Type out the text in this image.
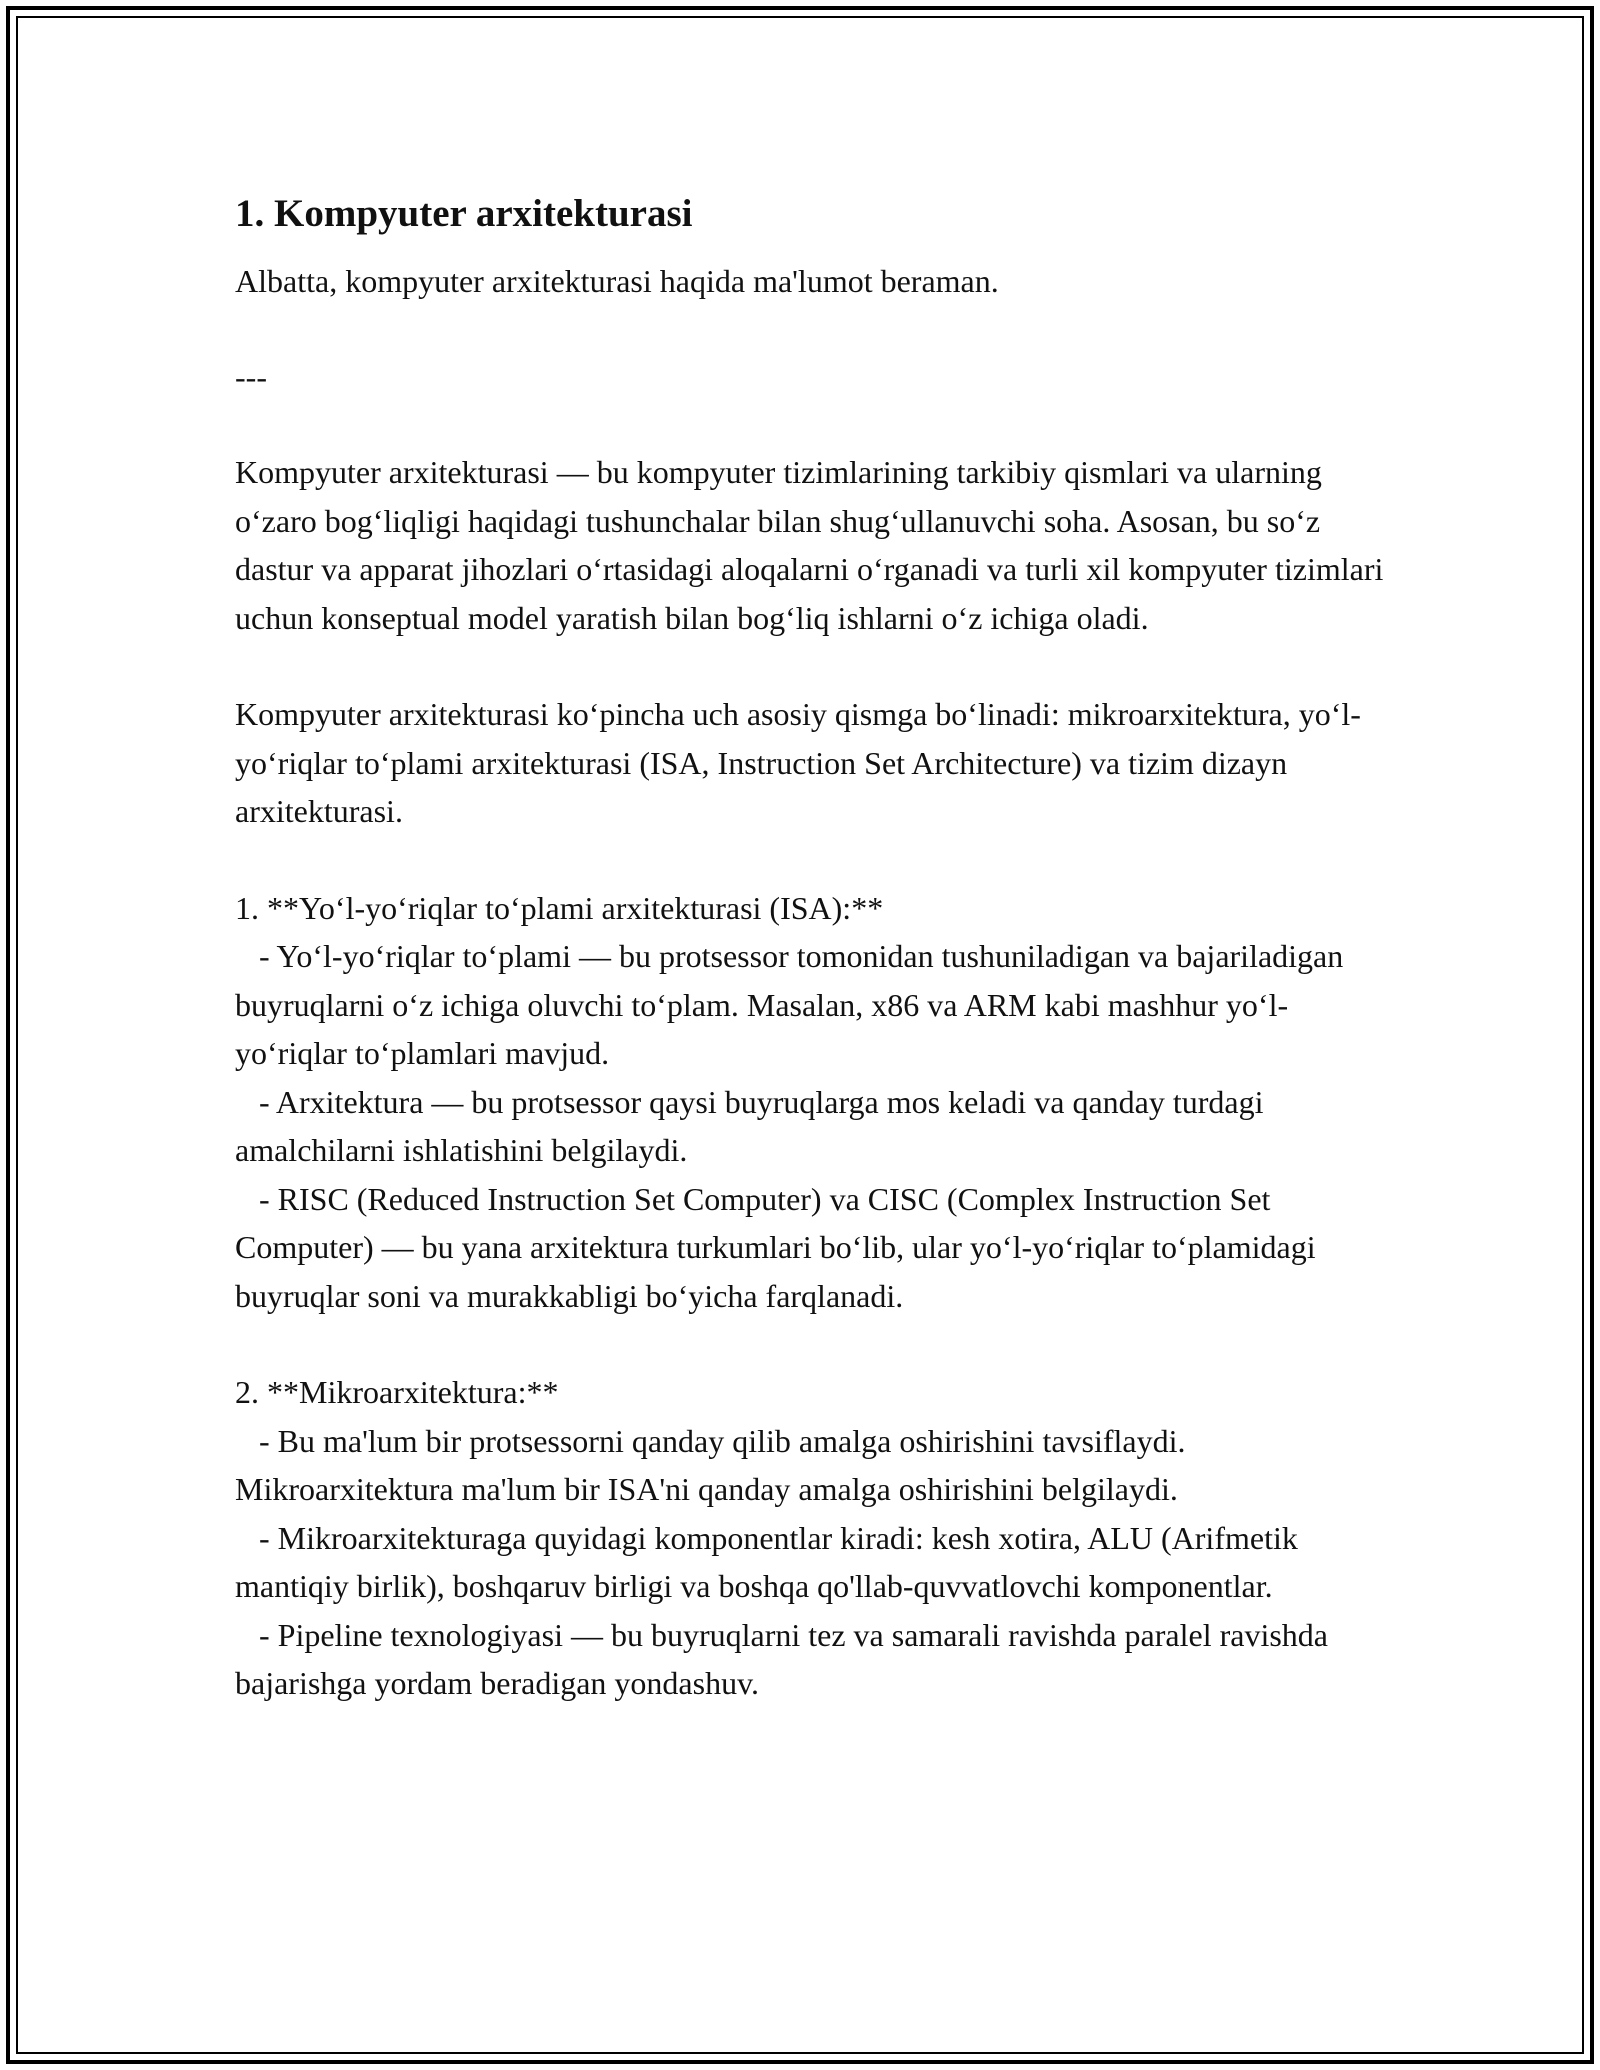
1. Kompyuter arxitekturasi

Albatta, kompyuter arxitekturasi haqida ma'lumot beraman.

---

Kompyuter arxitekturasi — bu kompyuter tizimlarining tarkibiy qismlari va ularning o‘zaro bog‘liqligi haqidagi tushunchalar bilan shug‘ullanuvchi soha. Asosan, bu so‘z dastur va apparat jihozlari o‘rtasidagi aloqalarni o‘rganadi va turli xil kompyuter tizimlari uchun konseptual model yaratish bilan bog‘liq ishlarni o‘z ichiga oladi.

Kompyuter arxitekturasi ko‘pincha uch asosiy qismga bo‘linadi: mikroarxitektura, yo‘l-yo‘riqlar to‘plami arxitekturasi (ISA, Instruction Set Architecture) va tizim dizayn arxitekturasi.

1. **Yo‘l-yo‘riqlar to‘plami arxitekturasi (ISA):**

- Yo‘l-yo‘riqlar to‘plami — bu protsessor tomonidan tushuniladigan va bajariladigan buyruqlarni o‘z ichiga oluvchi to‘plam. Masalan, x86 va ARM kabi mashhur yo‘l-yo‘riqlar to‘plamlari mavjud.

- Arxitektura — bu protsessor qaysi buyruqlarga mos keladi va qanday turdagi amalchilarni ishlatishini belgilaydi.

- RISC (Reduced Instruction Set Computer) va CISC (Complex Instruction Set Computer) — bu yana arxitektura turkumlari bo‘lib, ular yo‘l-yo‘riqlar to‘plamidagi buyruqlar soni va murakkabligi bo‘yicha farqlanadi.

2. **Mikroarxitektura:**

- Bu ma'lum bir protsessorni qanday qilib amalga oshirishini tavsiflaydi. Mikroarxitektura ma'lum bir ISA'ni qanday amalga oshirishini belgilaydi.

- Mikroarxitekturaga quyidagi komponentlar kiradi: kesh xotira, ALU (Arifmetik mantiqiy birlik), boshqaruv birligi va boshqa qo'llab-quvvatlovchi komponentlar.

- Pipeline texnologiyasi — bu buyruqlarni tez va samarali ravishda paralel ravishda bajarishga yordam beradigan yondashuv.
